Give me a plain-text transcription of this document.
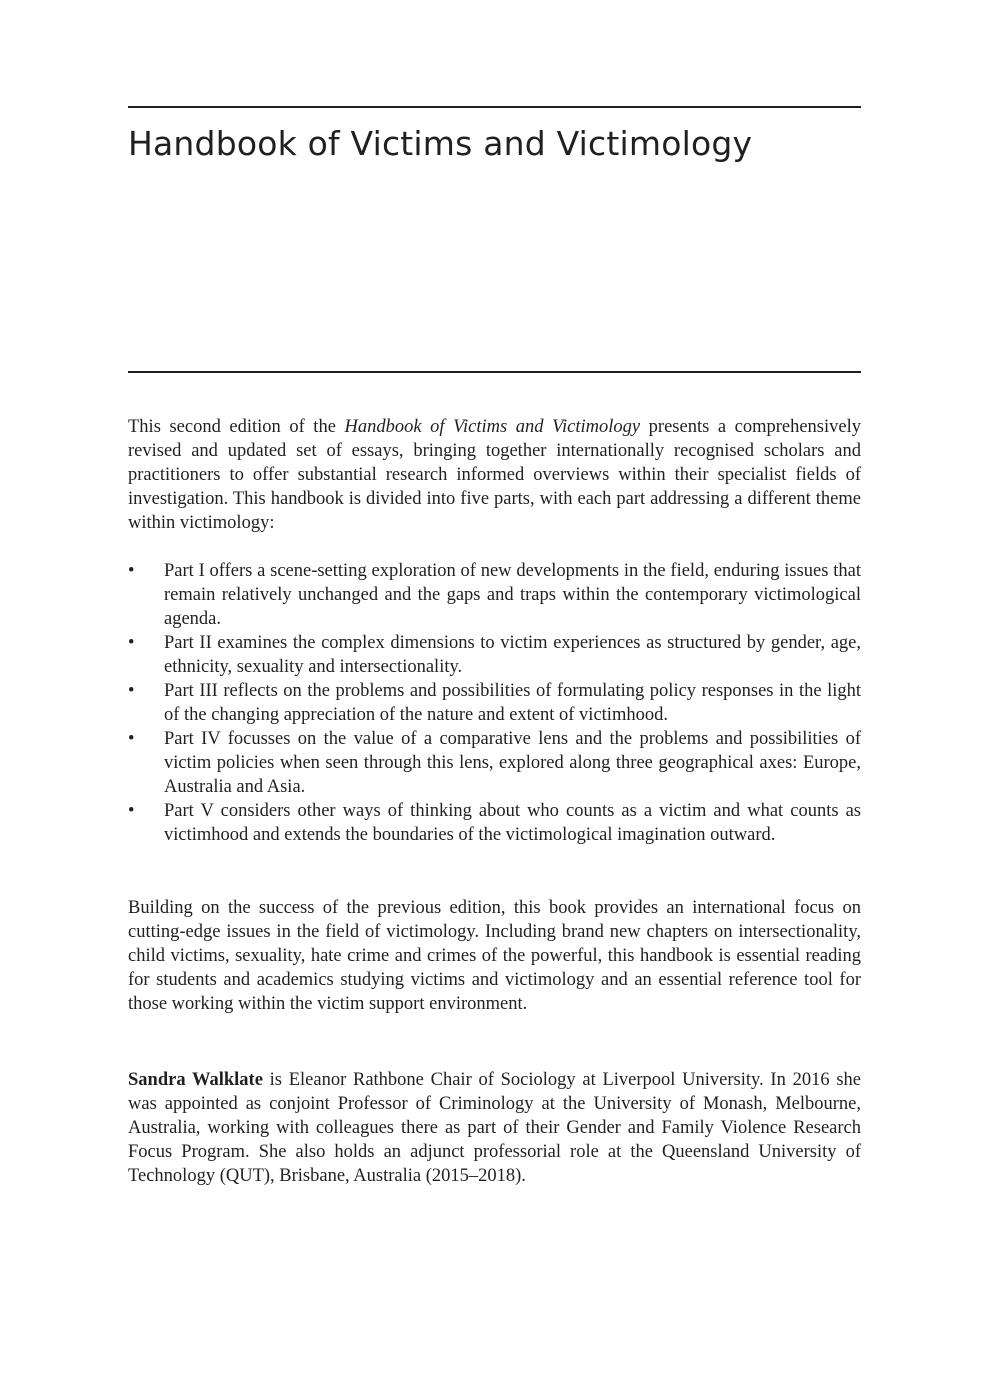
Handbook of Victims and Victimology

This second edition of the Handbook of Victims and Victimology presents a comprehensively revised and updated set of essays, bringing together internationally recognised scholars and practitioners to offer substantial research informed overviews within their specialist fields of investigation. This handbook is divided into five parts, with each part addressing a different theme within victimology:

• Part I offers a scene-setting exploration of new developments in the field, enduring issues that remain relatively unchanged and the gaps and traps within the contemporary victimological agenda.
• Part II examines the complex dimensions to victim experiences as structured by gender, age, ethnicity, sexuality and intersectionality.
• Part III reflects on the problems and possibilities of formulating policy responses in the light of the changing appreciation of the nature and extent of victimhood.
• Part IV focusses on the value of a comparative lens and the problems and possibilities of victim policies when seen through this lens, explored along three geographical axes: Europe, Australia and Asia.
• Part V considers other ways of thinking about who counts as a victim and what counts as victimhood and extends the boundaries of the victimological imagination outward.

Building on the success of the previous edition, this book provides an international focus on cutting-edge issues in the field of victimology. Including brand new chapters on intersectionality, child victims, sexuality, hate crime and crimes of the powerful, this handbook is essential reading for students and academics studying victims and victimology and an essential reference tool for those working within the victim support environment.

Sandra Walklate is Eleanor Rathbone Chair of Sociology at Liverpool University. In 2016 she was appointed as conjoint Professor of Criminology at the University of Monash, Melbourne, Australia, working with colleagues there as part of their Gender and Family Violence Research Focus Program. She also holds an adjunct professorial role at the Queensland University of Technology (QUT), Brisbane, Australia (2015–2018).
